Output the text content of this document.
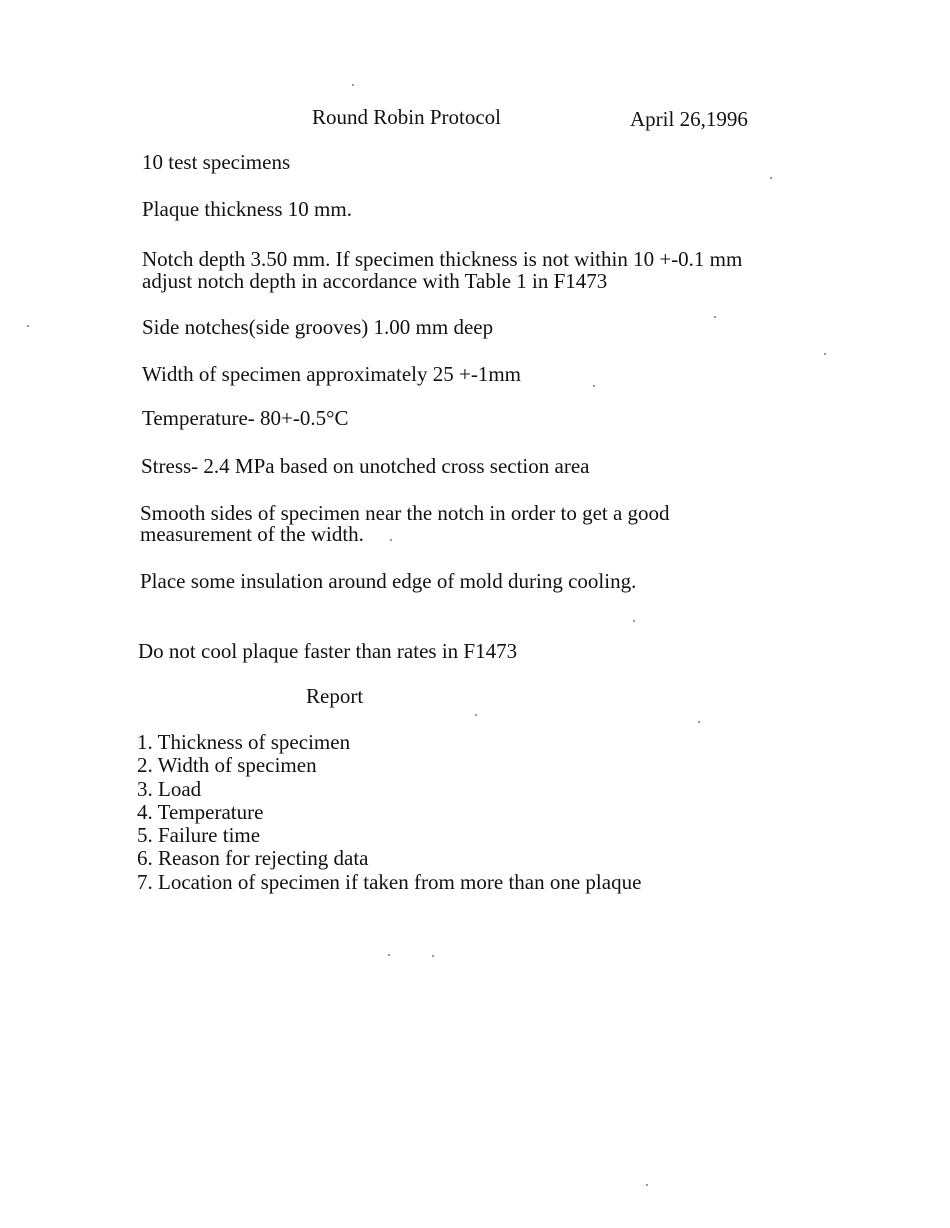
Round Robin Protocol	April 26,1996
10 test specimens
Plaque thickness 10 mm.
Notch depth 3.50 mm. If specimen thickness is not within 10 +-0.1 mm
adjust notch depth in accordance with Table 1 in F1473
Side notches(side grooves) 1.00 mm deep
Width of specimen approximately 25 +-1mm
Temperature- 80+-0.5°C
Stress- 2.4 MPa based on unotched cross section area
Smooth sides of specimen near the notch in order to get a good
measurement of the width.
Place some insulation around edge of mold during cooling.
Do not cool plaque faster than rates in F1473
Report
1. Thickness of specimen
2. Width of specimen
3. Load
4. Temperature
5. Failure time
6. Reason for rejecting data
7. Location of specimen if taken from more than one plaque
